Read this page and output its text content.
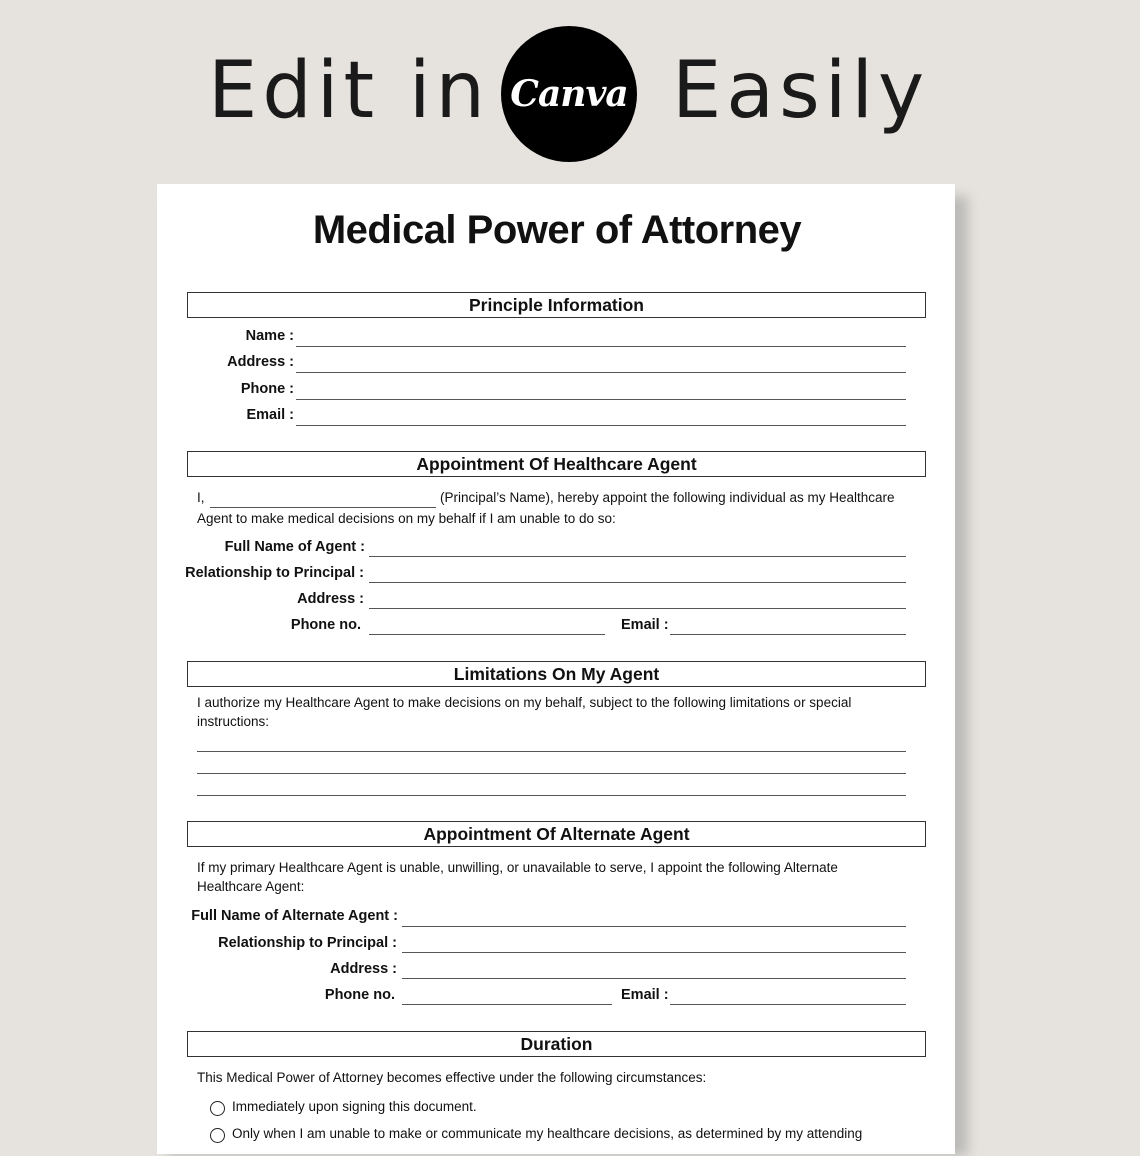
Edit in Canva Easily
Medical Power of Attorney
Principle Information
Name :
Address :
Phone :
Email :
Appointment Of Healthcare Agent
I,	(Principal’s Name), hereby appoint the following individual as my Healthcare
Agent to make medical decisions on my behalf if I am unable to do so:
Full Name of Agent :
Relationship to Principal :
Address :
Phone no.	Email :
Limitations On My Agent
I authorize my Healthcare Agent to make decisions on my behalf, subject to the following limitations or special
instructions:
Appointment Of Alternate Agent
If my primary Healthcare Agent is unable, unwilling, or unavailable to serve, I appoint the following Alternate
Healthcare Agent:
Full Name of Alternate Agent :
Relationship to Principal :
Address :
Phone no.	Email :
Duration
This Medical Power of Attorney becomes effective under the following circumstances:
Immediately upon signing this document.
Only when I am unable to make or communicate my healthcare decisions, as determined by my attending
